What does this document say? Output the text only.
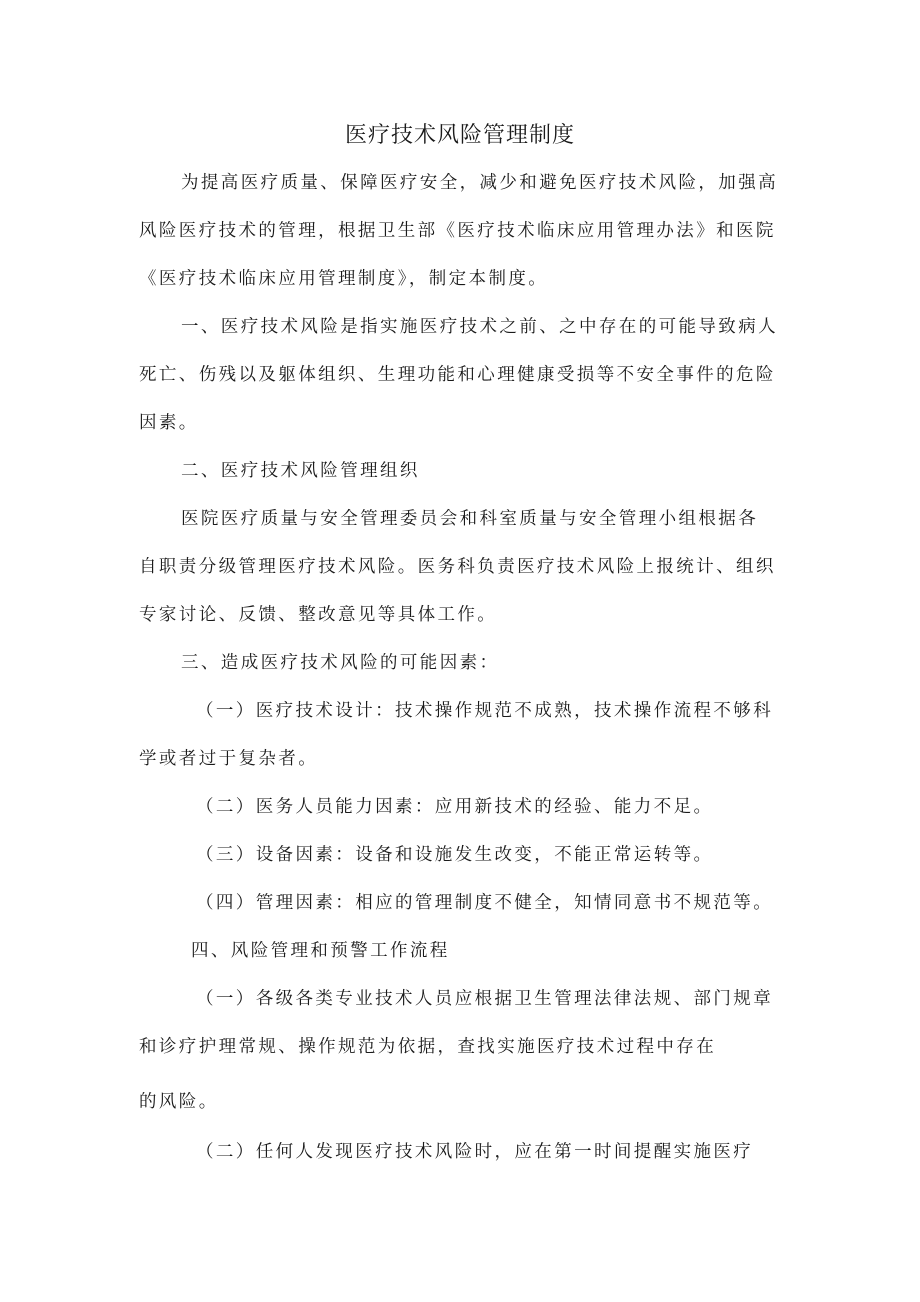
医疗技术风险管理制度

为提高医疗质量、保障医疗安全，减少和避免医疗技术风险，加强高

风险医疗技术的管理，根据卫生部《医疗技术临床应用管理办法》和医院

《医疗技术临床应用管理制度》，制定本制度。

一、医疗技术风险是指实施医疗技术之前、之中存在的可能导致病人

死亡、伤残以及躯体组织、生理功能和心理健康受损等不安全事件的危险

因素。

二、医疗技术风险管理组织

医院医疗质量与安全管理委员会和科室质量与安全管理小组根据各

自职责分级管理医疗技术风险。医务科负责医疗技术风险上报统计、组织

专家讨论、反馈、整改意见等具体工作。

三、造成医疗技术风险的可能因素：

（一）医疗技术设计：技术操作规范不成熟，技术操作流程不够科

学或者过于复杂者。

（二）医务人员能力因素：应用新技术的经验、能力不足。

（三）设备因素：设备和设施发生改变，不能正常运转等。

（四）管理因素：相应的管理制度不健全，知情同意书不规范等。

四、风险管理和预警工作流程

（一）各级各类专业技术人员应根据卫生管理法律法规、部门规章

和诊疗护理常规、操作规范为依据，查找实施医疗技术过程中存在

的风险。

（二）任何人发现医疗技术风险时，应在第一时间提醒实施医疗
